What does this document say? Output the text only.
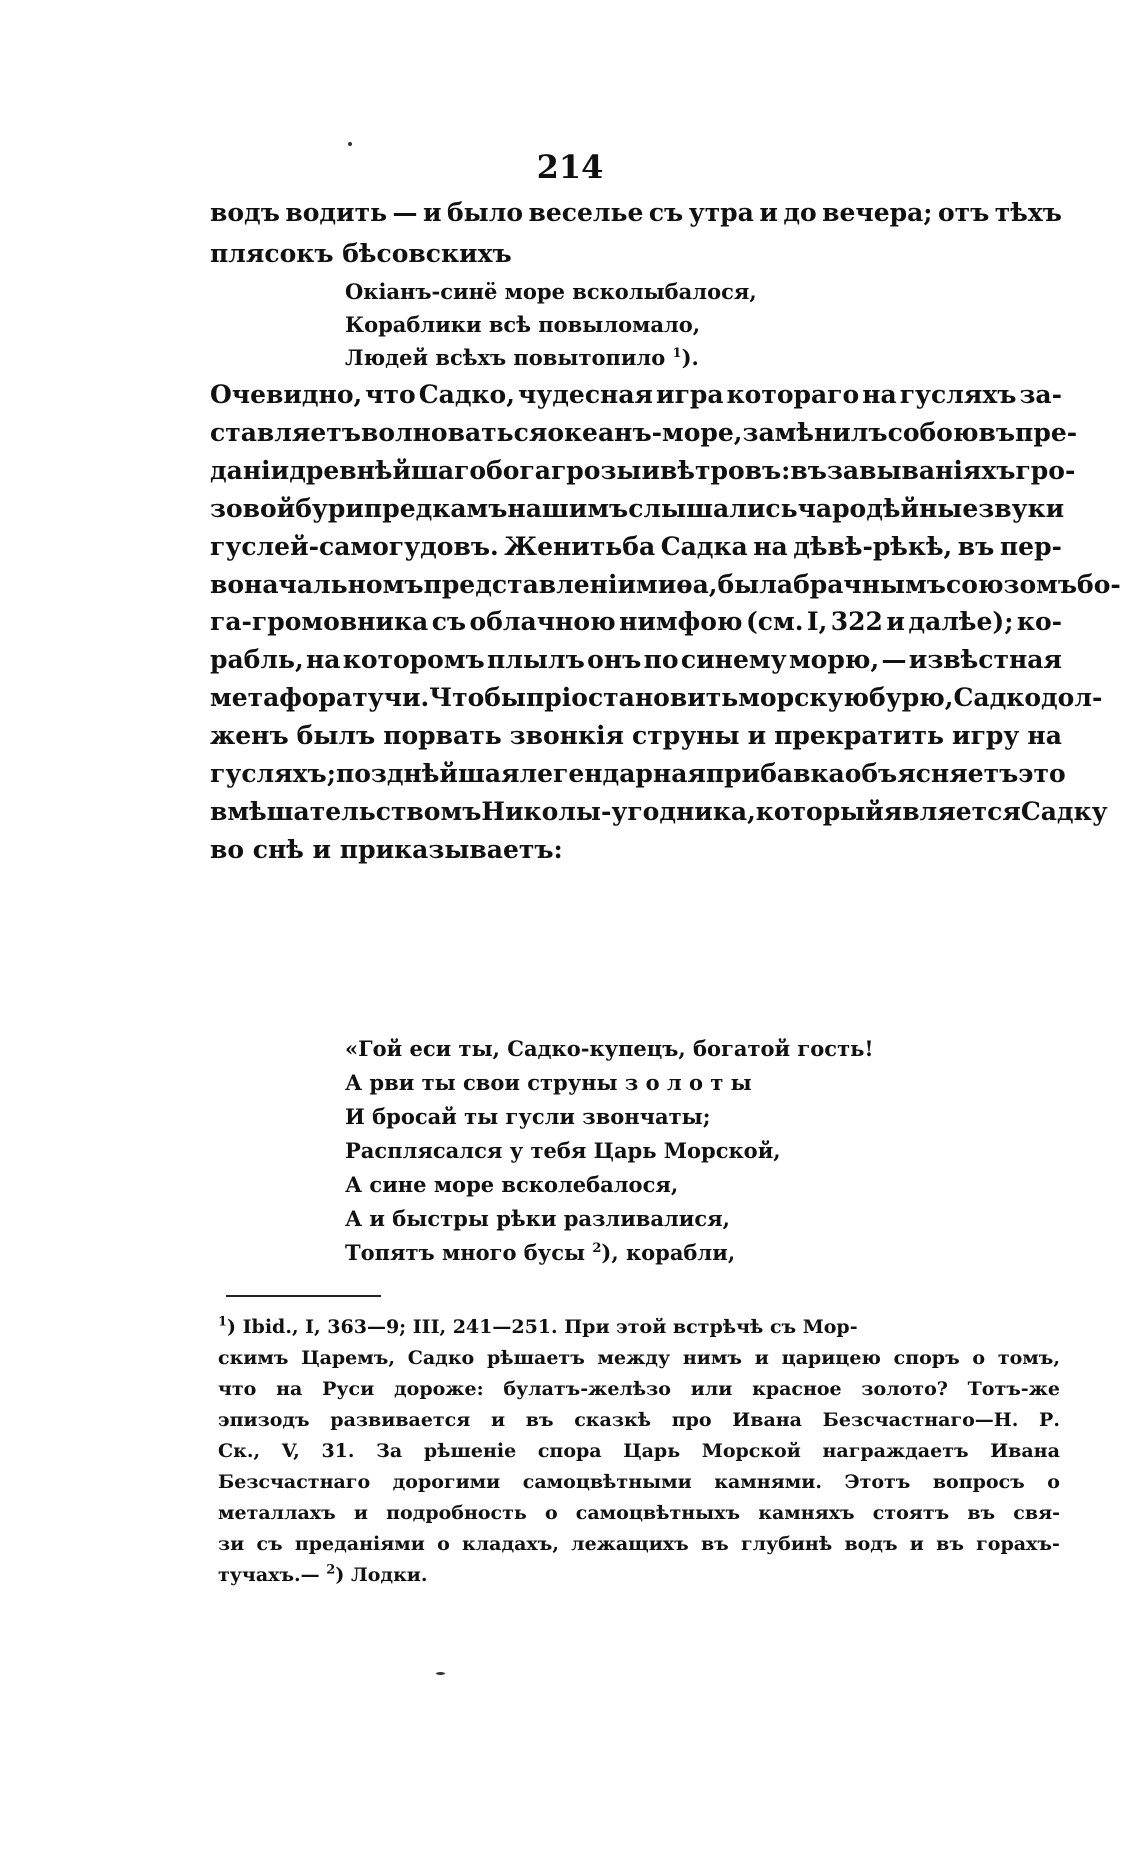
214
водъ водить — и было веселье съ утра и до вечера; отъ тѣхъ
плясокъ бѣсовскихъ
Окіанъ-синё море всколыбалося,
Кораблики всѣ повыломало,
Людей всѣхъ повытопило $^1$).
Очевидно, что Садко, чудесная игра котораго на гусляхъ за-
ставляетъ волноваться океанъ-море, замѣнилъ собою въ пре-
даніи древнѣйшаго бога грозы и вѣтровъ: въ завываніяхъ гро-
зовой бури предкамъ нашимъ слышались чародѣйные звуки
гуслей-самогудовъ. Женитьба Садка на дѣвѣ-рѣкѣ, въ пер-
воначальномъ представленіи миѳа, была брачнымъ союзомъ бо-
га-громовника съ облачною нимфою (см. I, 322 и далѣе); ко-
рабль, на которомъ плылъ онъ по синему морю, — извѣстная
метафора тучи. Чтобы пріостановить морскую бурю, Садко дол-
женъ былъ порвать звонкія струны и прекратить игру на
гусляхъ; позднѣйшая легендарная прибавка объясняетъ это
вмѣшательствомъ Николы-угодника, который является Садку
во снѣ и приказываетъ:
«Гой еси ты, Садко-купецъ, богатой гость!
А рви ты свои струны з о л о т ы
И бросай ты гусли звончаты;
Расплясался у тебя Царь Морской,
А сине море всколебалося,
А и быстры рѣки разливалися,
Топятъ много бусы $^2$), корабли,
$^1$) Ibid., I, 363—9; III, 241—251. При этой встрѣчѣ съ Мор-
скимъ Царемъ, Садко рѣшаетъ между нимъ и царицею споръ о томъ,
что на Руси дороже: булатъ-желѣзо или красное золото? Тотъ-же
эпизодъ развивается и въ сказкѣ про Ивана Безсчастнаго—Н. Р.
Ск., V, 31. За рѣшеніе спора Царь Морской награждаетъ Ивана
Безсчастнаго дорогими самоцвѣтными камнями. Этотъ вопросъ о
металлахъ и подробность о самоцвѣтныхъ камняхъ стоятъ въ свя-
зи съ преданіями о кладахъ, лежащихъ въ глубинѣ водъ и въ горахъ-
тучахъ.— $^2$) Лодки.
